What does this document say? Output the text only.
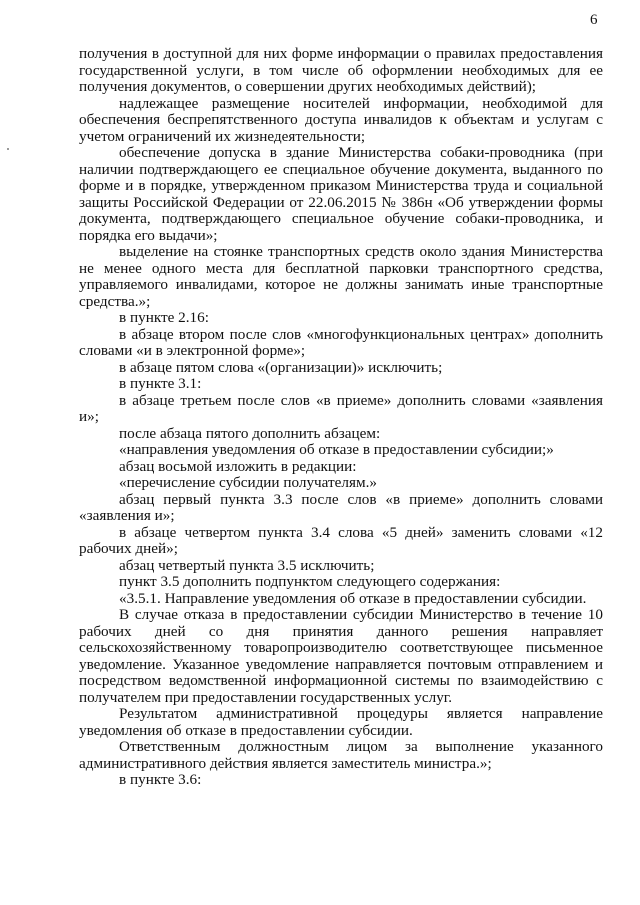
6

получения в доступной для них форме информации о правилах предоставления государственной услуги, в том числе об оформлении необходимых для ее получения документов, о совершении других необходимых действий);

надлежащее размещение носителей информации, необходимой для обеспечения беспрепятственного доступа инвалидов к объектам и услугам с учетом ограничений их жизнедеятельности;

обеспечение допуска в здание Министерства собаки-проводника (при наличии подтверждающего ее специальное обучение документа, выданного по форме и в порядке, утвержденном приказом Министерства труда и социальной защиты Российской Федерации от 22.06.2015 № 386н «Об утверждении формы документа, подтверждающего специальное обучение собаки-проводника, и порядка его выдачи»;

выделение на стоянке транспортных средств около здания Министерства не менее одного места для бесплатной парковки транспортного средства, управляемого инвалидами, которое не должны занимать иные транспортные средства.»;

в пункте 2.16:

в абзаце втором после слов «многофункциональных центрах» дополнить словами «и в электронной форме»;

в абзаце пятом слова «(организации)» исключить;

в пункте 3.1:

в абзаце третьем после слов «в приеме» дополнить словами «заявления и»;

после абзаца пятого дополнить абзацем:

«направления уведомления об отказе в предоставлении субсидии;»

абзац восьмой изложить в редакции:

«перечисление субсидии получателям.»

абзац первый пункта 3.3 после слов «в приеме» дополнить словами «заявления и»;

в абзаце четвертом пункта 3.4 слова «5 дней» заменить словами «12 рабочих дней»;

абзац четвертый пункта 3.5 исключить;

пункт 3.5 дополнить подпунктом следующего содержания:

«3.5.1. Направление уведомления об отказе в предоставлении субсидии.

В случае отказа в предоставлении субсидии Министерство в течение 10 рабочих дней со дня принятия данного решения направляет сельскохозяйственному товаропроизводителю соответствующее письменное уведомление. Указанное уведомление направляется почтовым отправлением и посредством ведомственной информационной системы по взаимодействию с получателем при предоставлении государственных услуг.

Результатом административной процедуры является направление уведомления об отказе в предоставлении субсидии.

Ответственным должностным лицом за выполнение указанного административного действия является заместитель министра.»;

в пункте 3.6:
